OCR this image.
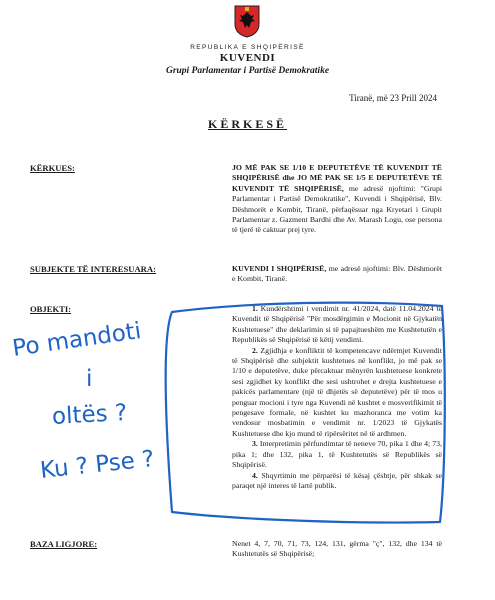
REPUBLIKA E SHQIPËRISË
KUVENDI
Grupi Parlamentar i Partisë Demokratike
Tiranë, më 23 Prill 2024
KËRKESË
KËRKUES:	JO MË PAK SE 1/10 E DEPUTETËVE TË KUVENDIT TË SHQIPËRISË dhe JO MË PAK SE 1/5 E DEPUTETËVE TË KUVENDIT TË SHQIPËRISË, me adresë njoftimi: "Grupi Parlamentar i Partisë Demokratike", Kuvendi i Shqipërisë, Blv. Dëshmorët e Kombit, Tiranë, përfaqësuar nga Kryetari i Grupit Parlamentar z. Gazment Bardhi dhe Av. Marash Logu, ose persona të tjerë të caktuar prej tyre.
SUBJEKTE TË INTERESUARA:	KUVENDI I SHQIPËRISË, me adresë njoftimi: Blv. Dëshmorët e Kombit, Tiranë.
OBJEKTI:	1. Kundërshtimi i vendimit nr. 41/2024, datë 11.04.2024 të Kuvendit të Shqipërisë "Për mosdërgimin e Mocionit në Gjykatën Kushtetuese" dhe deklarimin si të papajtueshëm me Kushtetutën e Republikës së Shqipërisë të këtij vendimi.

2. Zgjidhja e konfliktit të kompetencave ndërmjet Kuvendit të Shqipërisë dhe subjektit kushtetues në konflikt, jo më pak se 1/10 e deputetëve, duke përcaktuar mënyrën kushtetuese konkrete sesi zgjidhet ky konflikt dhe sesi ushtrohet e drejta kushtetuese e pakicës parlamentare (një të dhjetës së deputetëve) për të mos u penguar mocioni i tyre nga Kuvendi në kushtet e mosverifikimit të pengesave formale, në kushtet ku mazhoranca me votim ka vendosur mosbatimin e vendimit nr. 1/2023 të Gjykatës Kushtetuese dhe kjo mund të ripërsëritet në të ardhmen.

3. Interpretimin përfundimtar të neneve 70, pika 1 dhe 4; 73, pika 1; dhe 132, pika 1, të Kushtetutës së Republikës së Shqipërisë.

4. Shqyrtimin me përparësi të kësaj çështje, për shkak se paraqet një interes të lartë publik.

BAZA LIGJORE:	Nenet 4, 7, 70, 71, 73, 124, 131, gërma "ç", 132, dhe 134 të Kushtetutës së Shqipërisë;
Po mandoti
i
oltës ?
Ku ? Pse ?
